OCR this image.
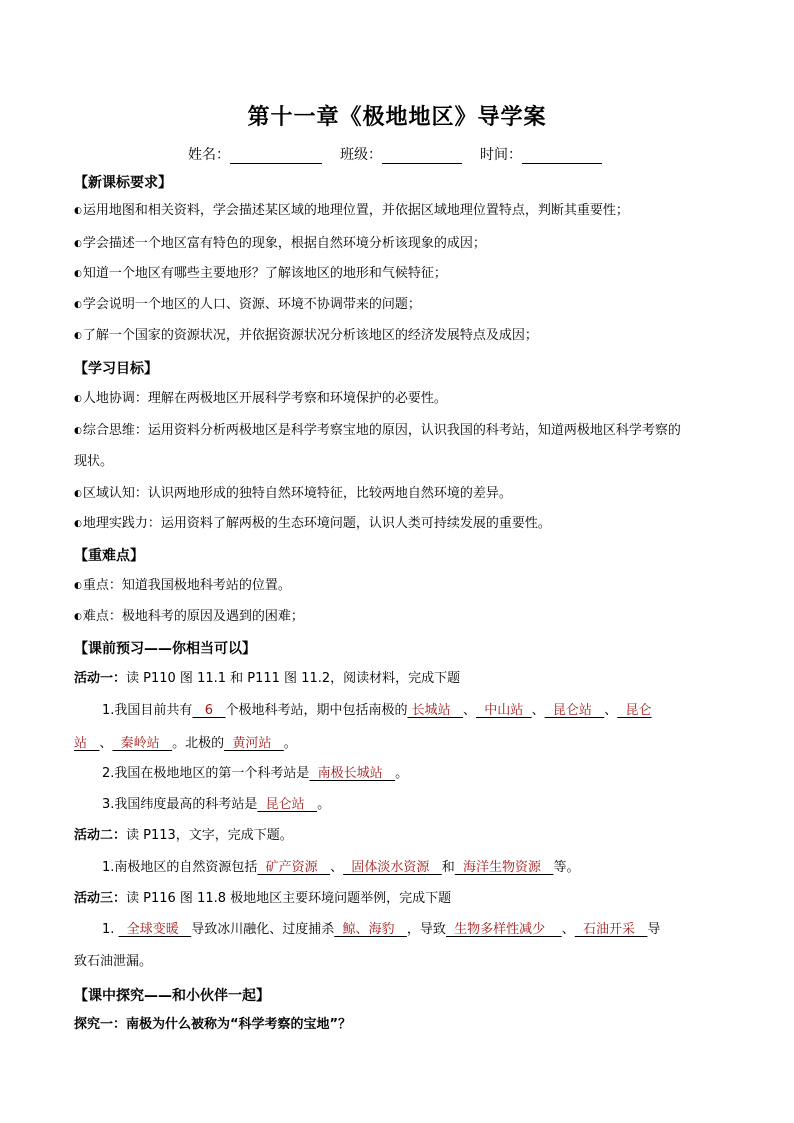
第十一章《极地地区》导学案
姓名：	班级：	时间：
【新课标要求】
◐运用地图和相关资料，学会描述某区域的地理位置，并依据区域地理位置特点，判断其重要性；
◐学会描述一个地区富有特色的现象，根据自然环境分析该现象的成因；
◐知道一个地区有哪些主要地形？了解该地区的地形和气候特征；
◐学会说明一个地区的人口、资源、环境不协调带来的问题；
◐了解一个国家的资源状况，并依据资源状况分析该地区的经济发展特点及成因；
【学习目标】
◐人地协调：理解在两极地区开展科学考察和环境保护的必要性。
◐综合思维：运用资料分析两极地区是科学考察宝地的原因，认识我国的科考站，知道两极地区科学考察的
现状。
◐区域认知：认识两地形成的独特自然环境特征，比较两地自然环境的差异。
◐地理实践力：运用资料了解两极的生态环境问题，认识人类可持续发展的重要性。
【重难点】
◐重点：知道我国极地科考站的位置。
◐难点：极地科考的原因及遇到的困难；
【课前预习——你相当可以】
活动一：读 P110 图 11.1 和 P111 图 11.2，阅读材料，完成下题
1.我国目前共有   6   个极地科考站，期中包括南极的 长城站   、  中山站  、  昆仑站   、  昆仑
站   、  秦岭站   。北极的  黄河站   。
2.我国在极地地区的第一个科考站是  南极长城站   。
3.我国纬度最高的科考站是  昆仑站   。
活动二：读 P113，文字，完成下题。
1.南极地区的自然资源包括  矿产资源   、  固体淡水资源   和  海洋生物资源   等。
活动三：读 P116 图 11.8 极地地区主要环境问题举例，完成下题
1.   全球变暖   导致冰川融化、过度捕杀  鲸、海豹   ，导致  生物多样性减少    、  石油开采   导
致石油泄漏。
【课中探究——和小伙伴一起】
探究一：南极为什么被称为“科学考察的宝地”？
